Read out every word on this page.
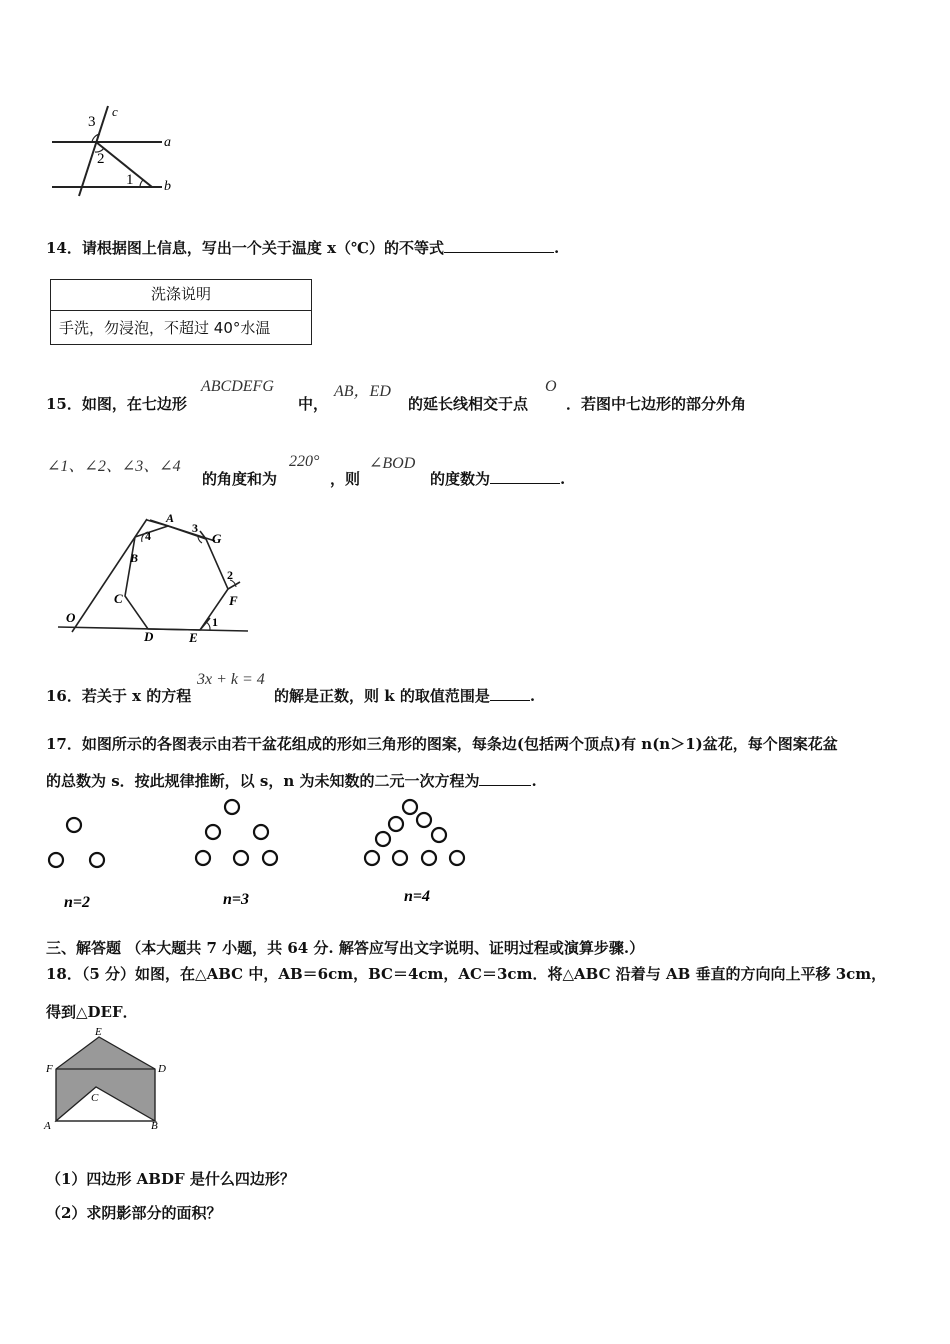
3
c
2
a
1 b
14．请根据图上信息，写出一个关于温度 x（℃）的不等式	.
洗涤说明
手洗，勿浸泡，不超过 40°水温
15．如图，在七边形
ABCDEFG
中，
AB，ED
的延长线相交于点
O
．若图中七边形的部分外角
∠1、∠2、∠3、∠4
的角度和为
220°
，则
∠BOD
的度数为	.
A
3
G
4
B
2
F
C
1
O
D	E
16．若关于 x 的方程
3x + k = 4
的解是正数，则 k 的取值范围是	.
17．如图所示的各图表示由若干盆花组成的形如三角形的图案，每条边(包括两个顶点)有 n(n＞1)盆花，每个图案花盆
的总数为 s．按此规律推断，以 s，n 为未知数的二元一次方程为	.
n=2	n=3	n=4
三、解答题 （本大题共 7 小题，共 64 分. 解答应写出文字说明、证明过程或演算步骤.）
18．（5 分）如图，在△ABC 中，AB＝6cm，BC＝4cm，AC＝3cm．将△ABC 沿着与 AB 垂直的方向向上平移 3cm，
得到△DEF．
E
F	D
C
A	B
（1）四边形 ABDF 是什么四边形？
（2）求阴影部分的面积？
